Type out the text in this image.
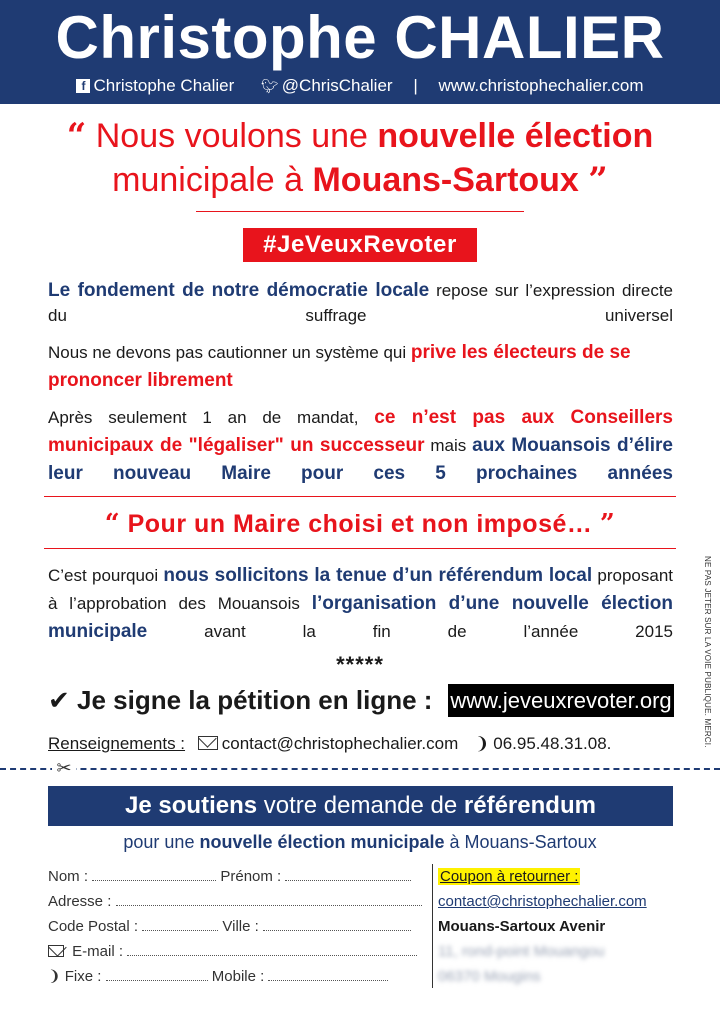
Christophe CHALIER
f Christophe Chalier 🐦︎ @ChrisChalier | www.christophechalier.com
“ Nous voulons une nouvelle élection
municipale à Mouans-Sartoux ”
#JeVeuxRevoter
Le fondement de notre démocratie locale repose sur l’expression directe du suffrage universel
Nous ne devons pas cautionner un système qui prive les électeurs de se prononcer librement
Après seulement 1 an de mandat, ce n’est pas aux Conseillers municipaux de "légaliser" un successeur mais aux Mouansois d’élire leur nouveau Maire pour ces 5 prochaines années
“ Pour un Maire choisi et non imposé… ”
C’est pourquoi nous sollicitons la tenue d’un référendum local proposant à l’approbation des Mouansois l’organisation d’une nouvelle élection municipale avant la fin de l’année 2015
*****
✔ Je signe la pétition en ligne : www.jeveuxrevoter.org
Renseignements : contact@christophechalier.com ❩ 06.95.48.31.08.	NE PAS JETER SUR LA VOIE PUBLIQUE. MERCI.
✂
Je soutiens votre demande de référendum
pour une nouvelle élection municipale à Mouans-Sartoux
Nom :	Prénom :
Adresse :
Code Postal :	Ville :
E-mail :
❩ Fixe :	Mobile :
Coupon à retourner :
contact@christophechalier.com
Mouans-Sartoux Avenir
11, rond-point Mouangou
06370 Mougins
